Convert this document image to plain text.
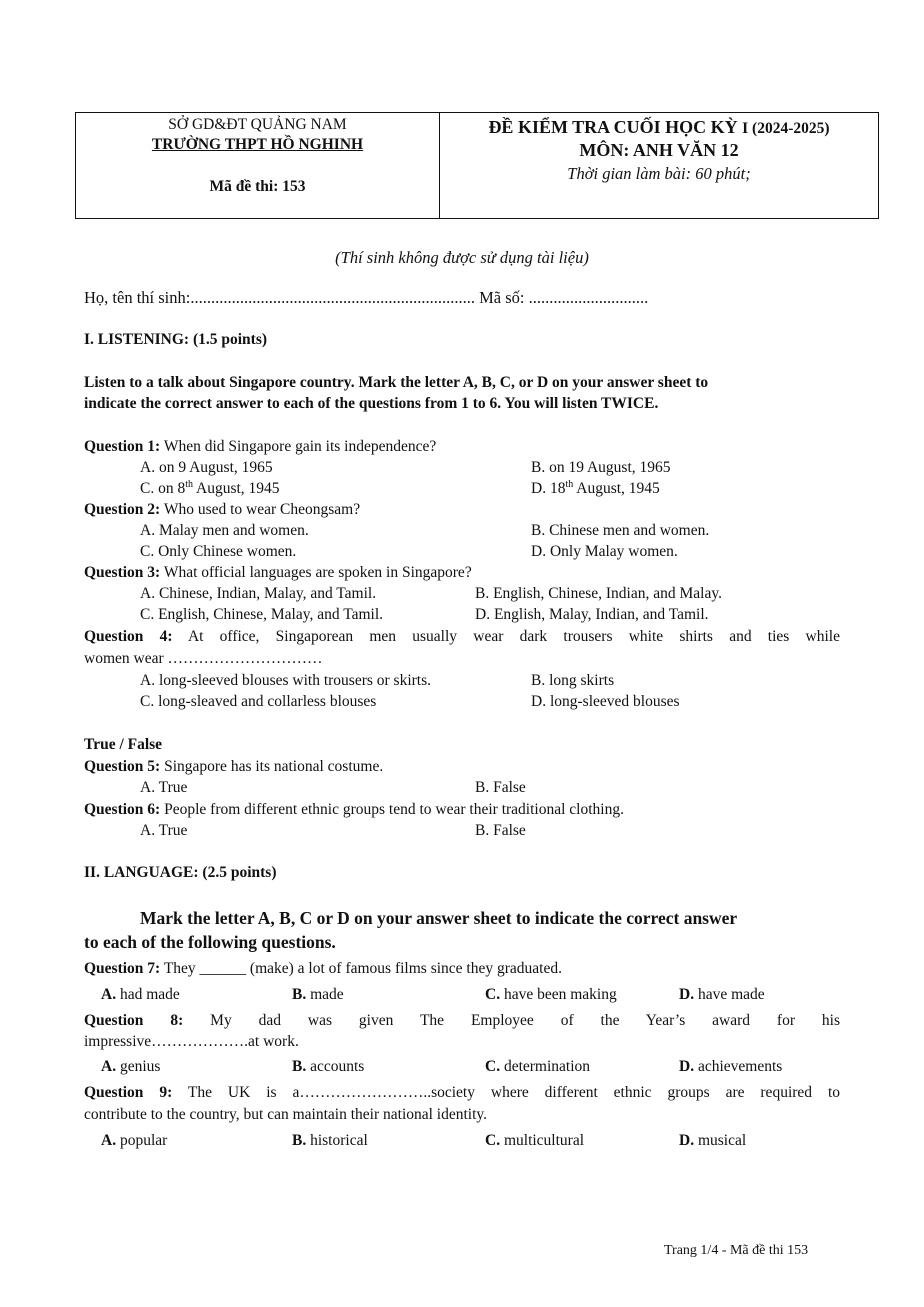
SỞ GD&ĐT QUẢNG NAM
TRƯỜNG THPT HỒ NGHINH
Mã đề thi: 153
ĐỀ KIỂM TRA CUỐI HỌC KỲ I (2024-2025)
MÔN: ANH VĂN 12
Thời gian làm bài: 60 phút;
(Thí sinh không được sử dụng tài liệu)
Họ, tên thí sinh:..................................................................... Mã số: .............................
I. LISTENING: (1.5 points)
Listen to a talk about Singapore country. Mark the letter A, B, C, or D on your answer sheet to
indicate the correct answer to each of the questions from 1 to 6. You will listen TWICE.
Question 1: When did Singapore gain its independence?
A. on 9 August, 1965	B. on 19 August, 1965
C. on 8th August, 1945	D. 18th August, 1945
Question 2: Who used to wear Cheongsam?
A. Malay men and women.	B. Chinese men and women.
C. Only Chinese women.	D. Only Malay women.
Question 3: What official languages are spoken in Singapore?
A. Chinese, Indian, Malay, and Tamil.	B. English, Chinese, Indian, and Malay.
C. English, Chinese, Malay, and Tamil.	D. English, Malay, Indian, and Tamil.
Question 4: At office, Singaporean men usually wear dark trousers white shirts and ties while
women wear …………………………
A. long-sleeved blouses with trousers or skirts.	B. long skirts
C. long-sleaved and collarless blouses	D. long-sleeved blouses
True / False
Question 5: Singapore has its national costume.
A. True	B. False
Question 6: People from different ethnic groups tend to wear their traditional clothing.
A. True	B. False
II. LANGUAGE: (2.5 points)
Mark the letter A, B, C or D on your answer sheet to indicate the correct answer
to each of the following questions.
Question 7: They ______ (make) a lot of famous films since they graduated.
A. had made	B. made	C. have been making	D. have made
Question 8: My dad was given The Employee of the Year’s award for his
impressive……………….at work.
A. genius	B. accounts	C. determination	D. achievements
Question 9: The UK is a……………………..society where different ethnic groups are required to
contribute to the country, but can maintain their national identity.
A. popular	B. historical	C. multicultural	D. musical
Trang 1/4 - Mã đề thi 153
